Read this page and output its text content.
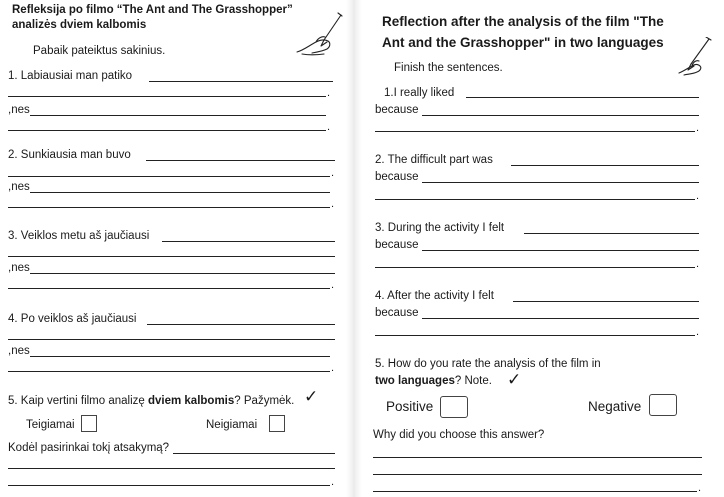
Refleksija po filmo “The Ant and The Grasshopper”
analizės dviem kalbomis
Pabaik pateiktus sakinius.
1. Labiausiai man patiko
.
,nes
.
2. Sunkiausia man buvo
.
,nes
.
3. Veiklos metu aš jaučiausi
,nes
.
4. Po veiklos aš jaučiausi
,nes
.
5. Kaip vertini filmo analizę dviem kalbomis? Pažymėk. ✓
Teigiamai	Neigiamai
Kodėl pasirinkai tokį atsakymą?
.
Reflection after the analysis of the film "The
Ant and the Grasshopper" in two languages
Finish the sentences.
1.I really liked
because
.
2. The difficult part was
because
.
3. During the activity I felt
because
.
4. After the activity I felt
because
.
5. How do you rate the analysis of the film in
two languages? Note. ✓
Positive	Negative
Why did you choose this answer?
.
